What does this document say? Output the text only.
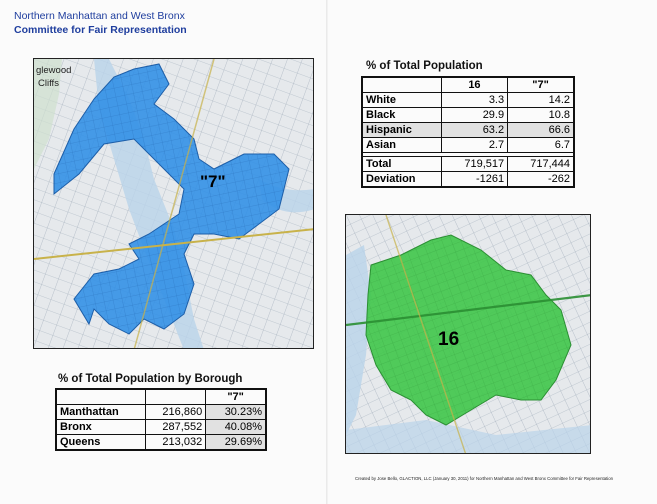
Northern Manhattan and West Bronx
Committee for Fair Representation
glewood
Cliffs
"7"
% of Total Population
	16	"7"
White	3.3	14.2
Black	29.9	10.8
Hispanic	63.2	66.6
Asian	2.7	6.7

Total	719,517	717,444
Deviation	-1261	-262
16
% of Total Population by Borough
		"7"
Manthattan	216,860	30.23%
Bronx	287,552	40.08%
Queens	213,032	29.69%
Created by Jose Bello, GLACTION, LLC (January 30, 2011) for Northern Manhattan and West Bronx Committee for Fair Representation
